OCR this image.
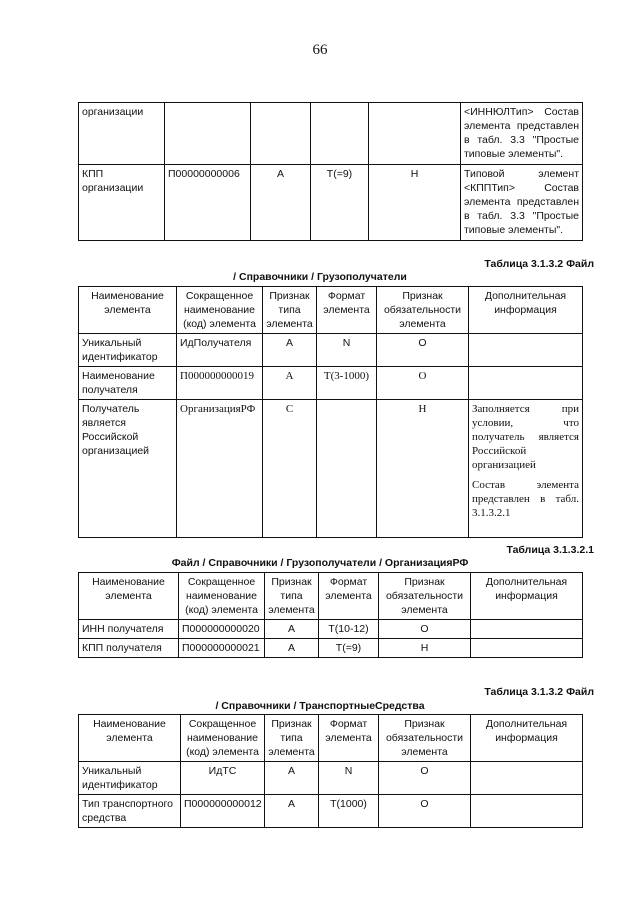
66
организации					<ИННЮЛТип> Состав элемента представлен в табл. 3.3 "Простые типовые элементы".
КПП организации	П00000000006	А	Т(=9)	Н	Типовой элемент <КППТип> Состав элемента представлен в табл. 3.3 "Простые типовые элементы".
Таблица 3.1.3.2 Файл
/ Справочники / Грузополучатели
Наименование элемента	Сокращенное наименование (код) элемента	Признак типа элемента	Формат элемента	Признак обязательности элемента	Дополнительная информация
Уникальный идентификатор	ИдПолучателя	А	N	О	
Наименование получателя	П000000000019	А	Т(3-1000)	О	
Получатель является Российской организацией	ОрганизацияРФ	С		Н	Заполняется при условии, что получатель является Российской организацией
Состав элемента представлен в табл. 3.1.3.2.1
Таблица 3.1.3.2.1
Файл / Справочники / Грузополучатели / ОрганизацияРФ
Наименование элемента	Сокращенное наименование (код) элемента	Признак типа элемента	Формат элемента	Признак обязательности элемента	Дополнительная информация
ИНН получателя	П000000000020	А	Т(10-12)	О	
КПП получателя	П000000000021	А	Т(=9)	Н	
Таблица 3.1.3.2 Файл
/ Справочники / ТранспортныеСредства
Наименование элемента	Сокращенное наименование (код) элемента	Признак типа элемента	Формат элемента	Признак обязательности элемента	Дополнительная информация
Уникальный идентификатор	ИдТС	А	N	О	
Тип транспортного средства	П000000000012	А	Т(1000)	О	
